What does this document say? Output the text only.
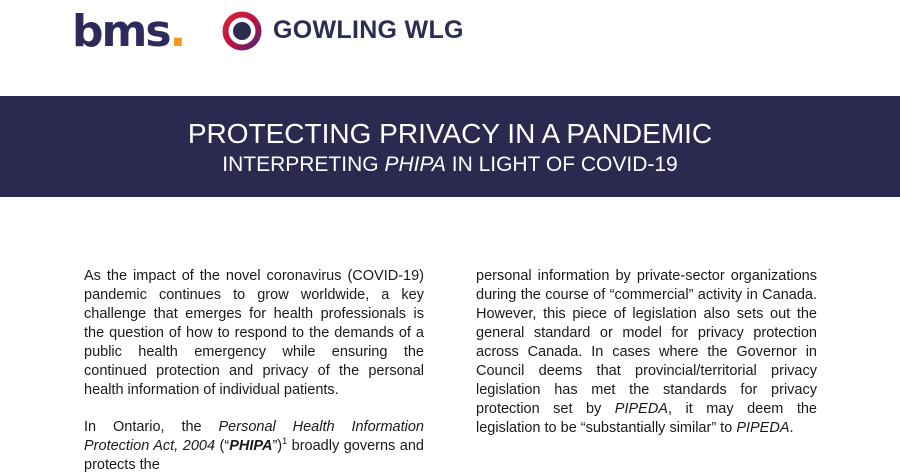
bms.	GOWLING WLG
PROTECTING PRIVACY IN A PANDEMIC
INTERPRETING PHIPA IN LIGHT OF COVID-19

As the impact of the novel coronavirus (COVID-19) pandemic continues to grow worldwide, a key challenge that emerges for health professionals is the question of how to respond to the demands of a public health emergency while ensuring the continued protection and privacy of the personal health information of individual patients.

In Ontario, the Personal Health Information Protection Act, 2004 (“PHIPA”)$^1$ broadly governs and protects the

personal information by private-sector organizations during the course of “commercial” activity in Canada. However, this piece of legislation also sets out the general standard or model for privacy protection across Canada. In cases where the Governor in Council deems that provincial/territorial privacy legislation has met the standards for privacy protection set by PIPEDA, it may deem the legislation to be “substantially similar” to PIPEDA.
